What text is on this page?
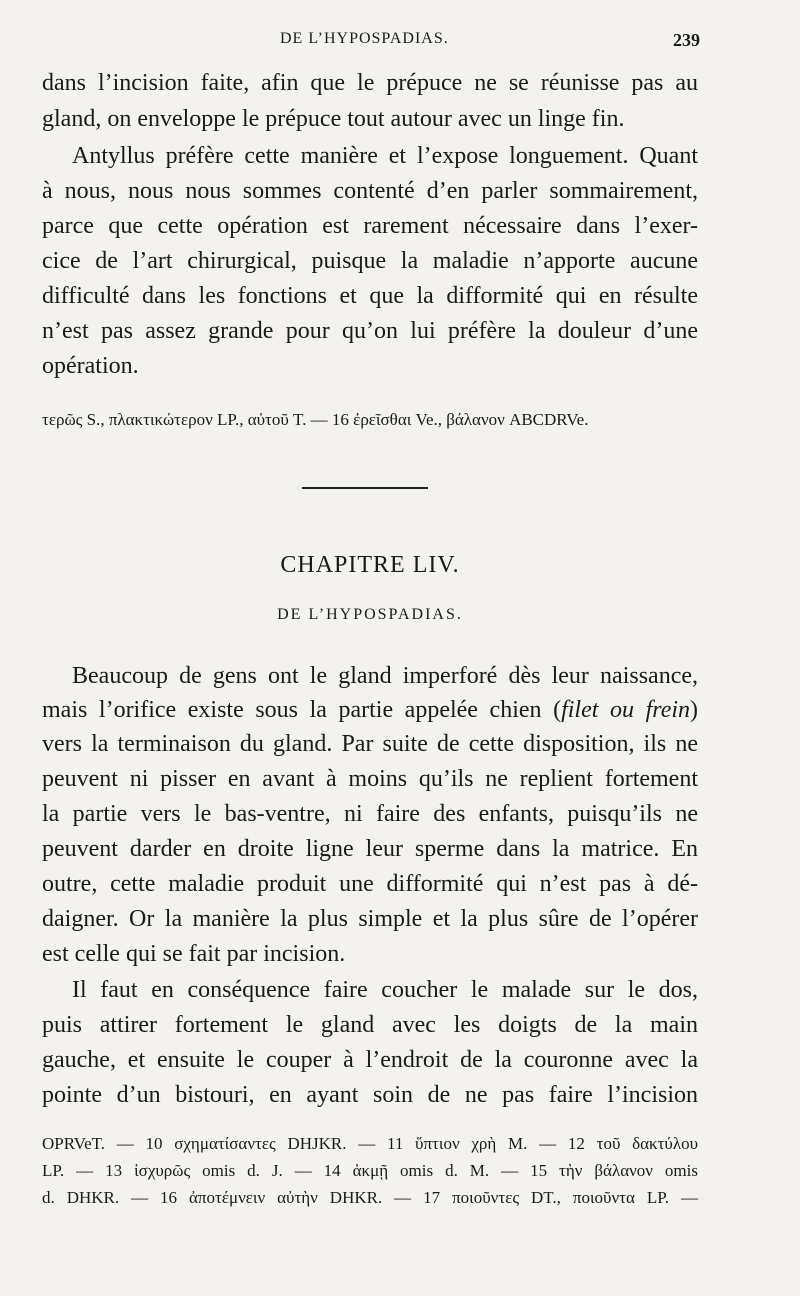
DE L’HYPOSPADIAS.	239
dans l’incision faite, afin que le prépuce ne se réunisse pas au
gland, on enveloppe le prépuce tout autour avec un linge fin.
Antyllus préfère cette manière et l’expose longuement. Quant
à nous, nous nous sommes contenté d’en parler sommairement,
parce que cette opération est rarement nécessaire dans l’exer-
cice de l’art chirurgical, puisque la maladie n’apporte aucune
difficulté dans les fonctions et que la difformité qui en résulte
n’est pas assez grande pour qu’on lui préfère la douleur d’une
opération.
τερῶς S., πλακτικώτερον LP., αὐτοῦ T. — 16 ἐρεῖσθαι Ve., βάλανον ABCDRVe.
CHAPITRE LIV.
DE L’HYPOSPADIAS.
Beaucoup de gens ont le gland imperforé dès leur naissance,
mais l’orifice existe sous la partie appelée chien (filet ou frein)
vers la terminaison du gland. Par suite de cette disposition, ils ne
peuvent ni pisser en avant à moins qu’ils ne replient fortement
la partie vers le bas-ventre, ni faire des enfants, puisqu’ils ne
peuvent darder en droite ligne leur sperme dans la matrice. En
outre, cette maladie produit une difformité qui n’est pas à dé-
daigner. Or la manière la plus simple et la plus sûre de l’opérer
est celle qui se fait par incision.
Il faut en conséquence faire coucher le malade sur le dos,
puis attirer fortement le gland avec les doigts de la main
gauche, et ensuite le couper à l’endroit de la couronne avec la
pointe d’un bistouri, en ayant soin de ne pas faire l’incision
OPRVeT. — 10 σχηματίσαντες DHJKR. — 11 ὕπτιον χρὴ M. — 12 τοῦ δακτύλου
LP. — 13 ἰσχυρῶς omis d. J. — 14 ἀκμῇ omis d. M. — 15 τὴν βάλανον omis
d. DHKR. — 16 ἀποτέμνειν αὐτὴν DHKR. — 17 ποιοῦντες DT., ποιοῦντα LP. —
